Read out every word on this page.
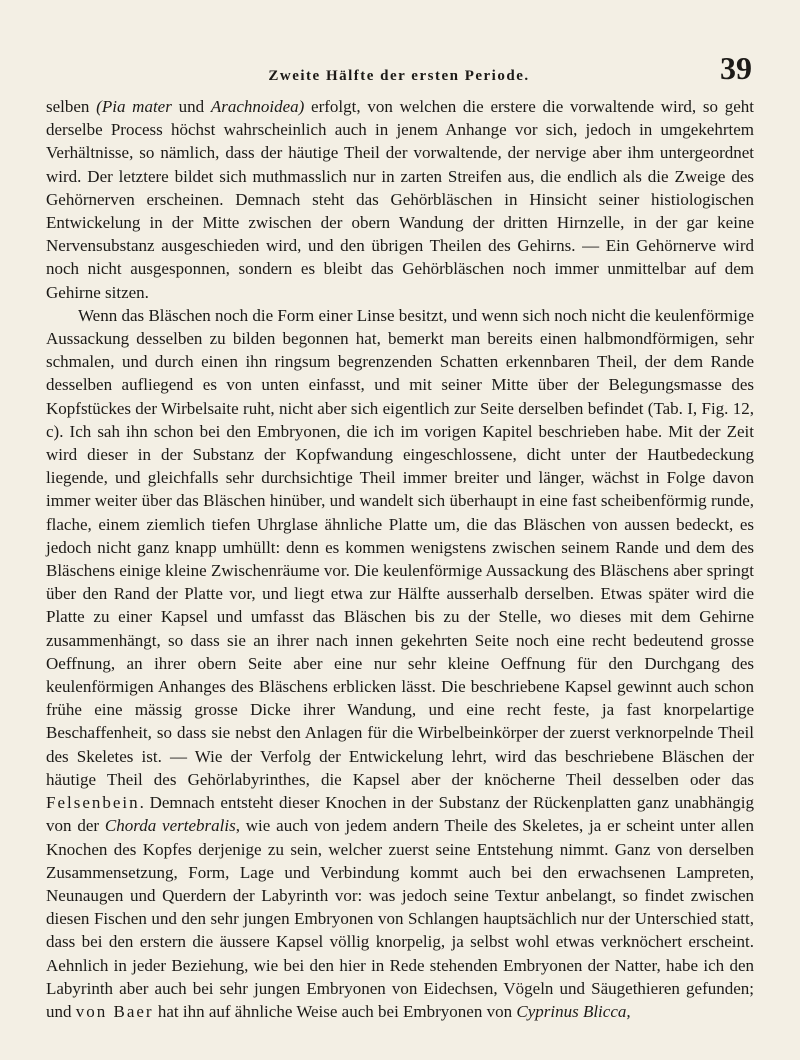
Zweite Hälfte der ersten Periode.	39

selben (Pia mater und Arachnoidea) erfolgt, von welchen die erstere die vorwaltende wird, so geht derselbe Process höchst wahrscheinlich auch in jenem Anhange vor sich, jedoch in umgekehrtem Verhältnisse, so nämlich, dass der häutige Theil der vorwaltende, der nervige aber ihm untergeordnet wird. Der letztere bildet sich muthmasslich nur in zarten Streifen aus, die endlich als die Zweige des Gehörnerven erscheinen. Demnach steht das Gehörbläschen in Hinsicht seiner histiologischen Entwickelung in der Mitte zwischen der obern Wandung der dritten Hirnzelle, in der gar keine Nervensubstanz ausgeschieden wird, und den übrigen Theilen des Gehirns. — Ein Gehörnerve wird noch nicht ausgesponnen, sondern es bleibt das Gehörbläschen noch immer unmittelbar auf dem Gehirne sitzen.

Wenn das Bläschen noch die Form einer Linse besitzt, und wenn sich noch nicht die keulenförmige Aussackung desselben zu bilden begonnen hat, bemerkt man bereits einen halbmondförmigen, sehr schmalen, und durch einen ihn ringsum begrenzenden Schatten erkennbaren Theil, der dem Rande desselben aufliegend es von unten einfasst, und mit seiner Mitte über der Belegungsmasse des Kopfstückes der Wirbelsaite ruht, nicht aber sich eigentlich zur Seite derselben befindet (Tab. I, Fig. 12, c). Ich sah ihn schon bei den Embryonen, die ich im vorigen Kapitel beschrieben habe. Mit der Zeit wird dieser in der Substanz der Kopfwandung eingeschlossene, dicht unter der Hautbedeckung liegende, und gleichfalls sehr durchsichtige Theil immer breiter und länger, wächst in Folge davon immer weiter über das Bläschen hinüber, und wandelt sich überhaupt in eine fast scheibenförmig runde, flache, einem ziemlich tiefen Uhrglase ähnliche Platte um, die das Bläschen von aussen bedeckt, es jedoch nicht ganz knapp umhüllt: denn es kommen wenigstens zwischen seinem Rande und dem des Bläschens einige kleine Zwischenräume vor. Die keulenförmige Aussackung des Bläschens aber springt über den Rand der Platte vor, und liegt etwa zur Hälfte ausserhalb derselben. Etwas später wird die Platte zu einer Kapsel und umfasst das Bläschen bis zu der Stelle, wo dieses mit dem Gehirne zusammenhängt, so dass sie an ihrer nach innen gekehrten Seite noch eine recht bedeutend grosse Oeffnung, an ihrer obern Seite aber eine nur sehr kleine Oeffnung für den Durchgang des keulenförmigen Anhanges des Bläschens erblicken lässt. Die beschriebene Kapsel gewinnt auch schon frühe eine mässig grosse Dicke ihrer Wandung, und eine recht feste, ja fast knorpelartige Beschaffenheit, so dass sie nebst den Anlagen für die Wirbelbeinkörper der zuerst verknorpelnde Theil des Skeletes ist. — Wie der Verfolg der Entwickelung lehrt, wird das beschriebene Bläschen der häutige Theil des Gehörlabyrinthes, die Kapsel aber der knöcherne Theil desselben oder das Felsenbein. Demnach entsteht dieser Knochen in der Substanz der Rückenplatten ganz unabhängig von der Chorda vertebralis, wie auch von jedem andern Theile des Skeletes, ja er scheint unter allen Knochen des Kopfes derjenige zu sein, welcher zuerst seine Entstehung nimmt. Ganz von derselben Zusammensetzung, Form, Lage und Verbindung kommt auch bei den erwachsenen Lampreten, Neunaugen und Querdern der Labyrinth vor: was jedoch seine Textur anbelangt, so findet zwischen diesen Fischen und den sehr jungen Embryonen von Schlangen hauptsächlich nur der Unterschied statt, dass bei den erstern die äussere Kapsel völlig knorpelig, ja selbst wohl etwas verknöchert erscheint. Aehnlich in jeder Beziehung, wie bei den hier in Rede stehenden Embryonen der Natter, habe ich den Labyrinth aber auch bei sehr jungen Embryonen von Eidechsen, Vögeln und Säugethieren gefunden; und von Baer hat ihn auf ähnliche Weise auch bei Embryonen von Cyprinus Blicca,
